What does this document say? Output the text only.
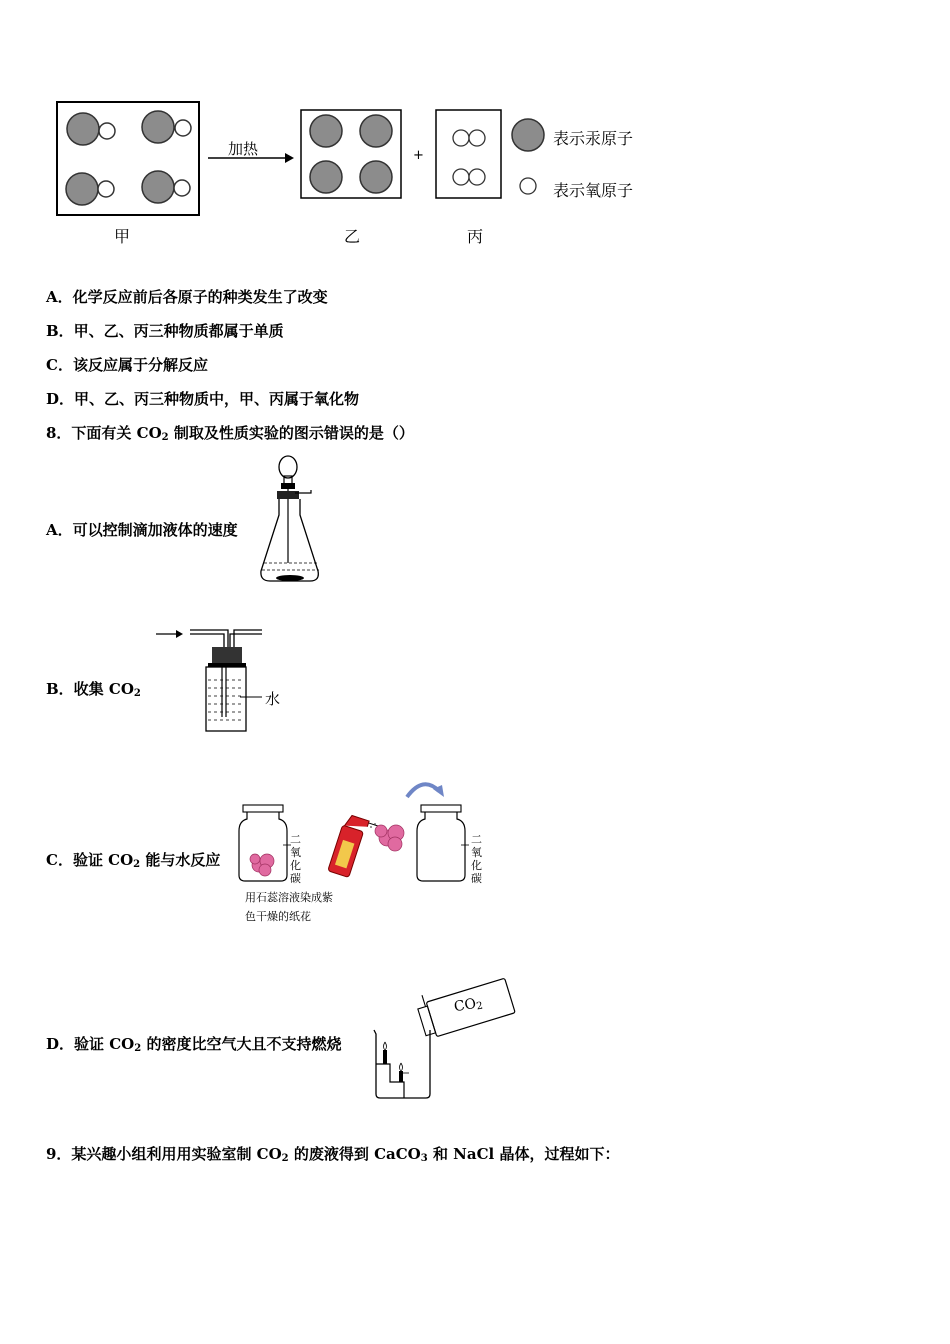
加热	+
甲	乙	丙
表示汞原子
表示氧原子
A．化学反应前后各原子的种类发生了改变
B．甲、乙、丙三种物质都属于单质
C．该反应属于分解反应
D．甲、乙、丙三种物质中，甲、丙属于氧化物
8．下面有关 $CO_2$ 制取及性质实验的图示错误的是（）
A．可以控制滴加液体的速度
B．收集 $CO_2$	水
C．验证 $CO_2$ 能与水反应
二
氧
化
碳
二
氧
化
碳
用石蕊溶液染成紫
色干燥的纸花
D．验证 $CO_2$ 的密度比空气大且不支持燃烧
$CO_2$
9．某兴趣小组利用用实验室制 $CO_2$ 的废液得到 CaCO$_3$ 和 NaCl 晶体，过程如下：
